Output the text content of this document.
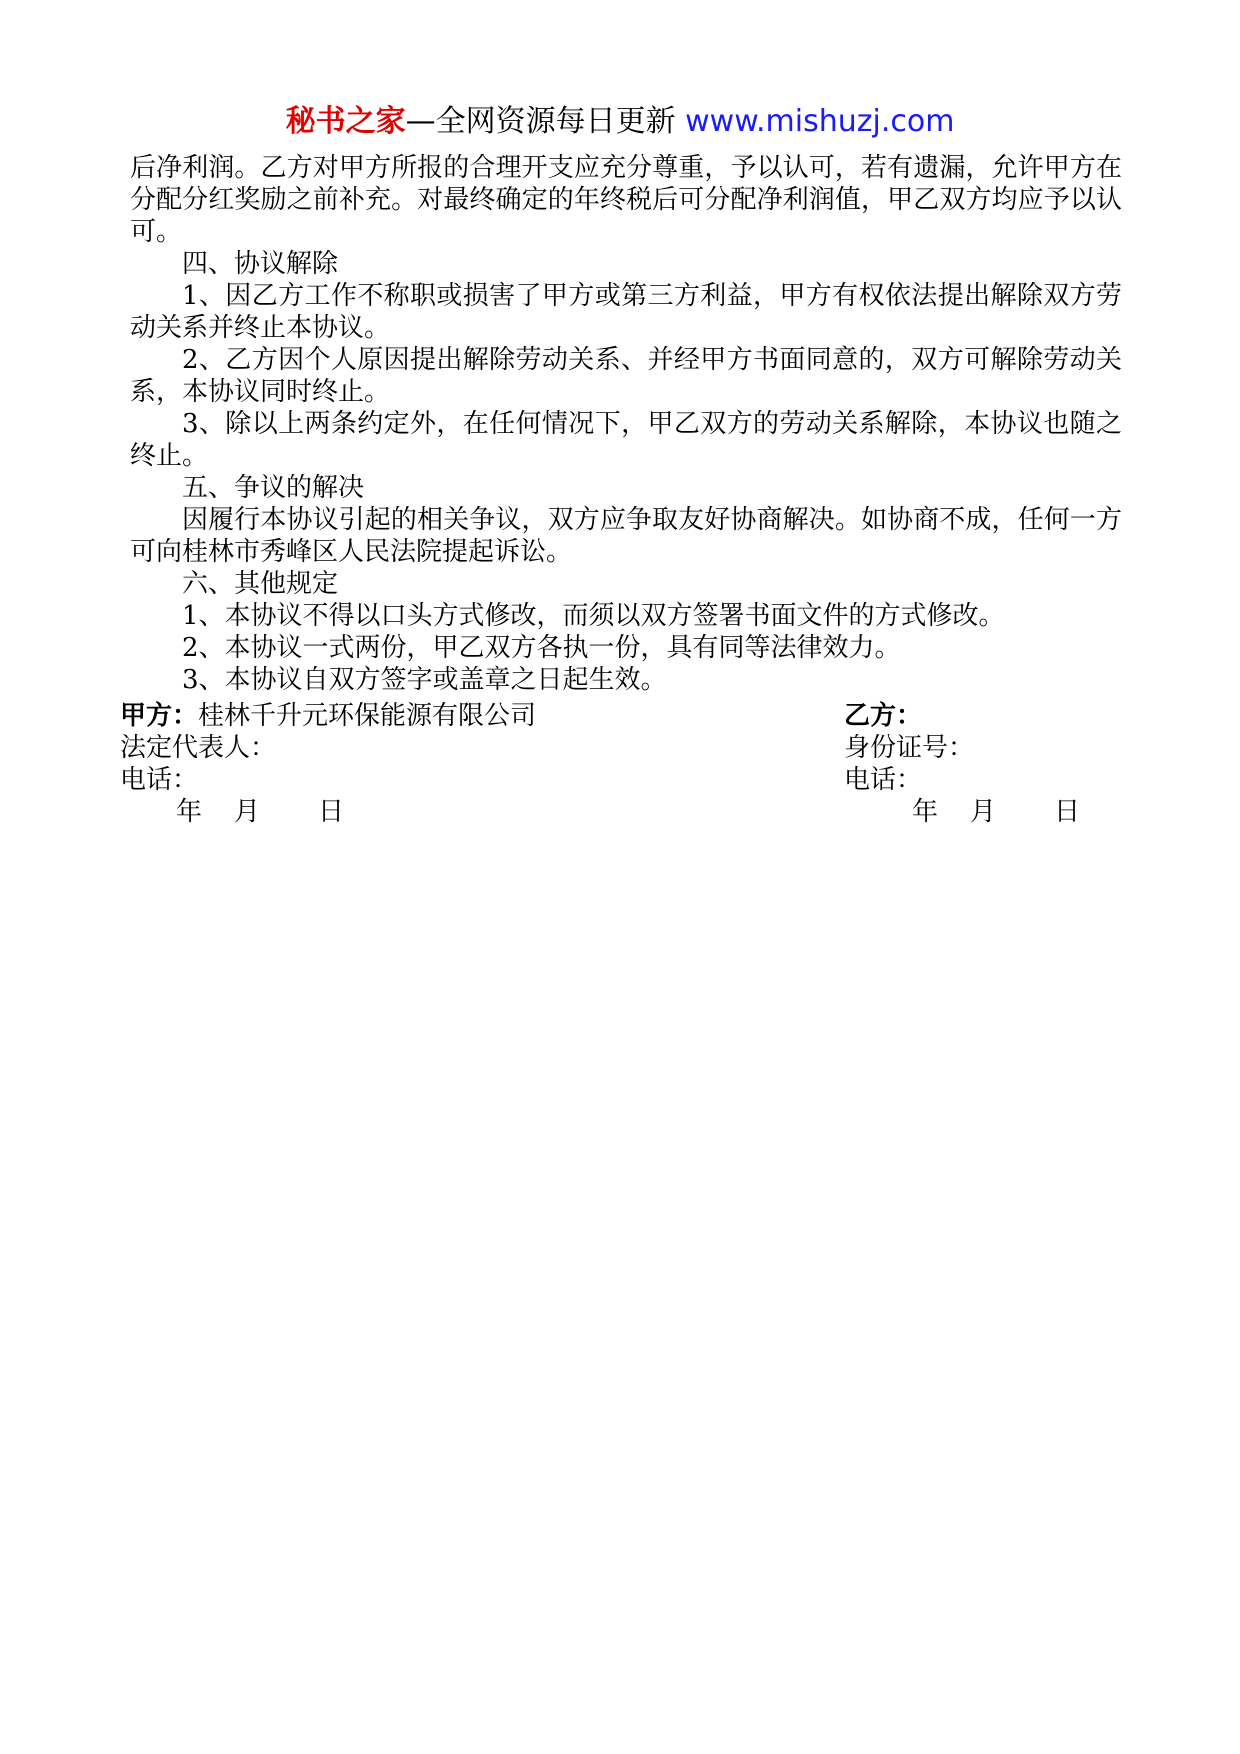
秘书之家—全网资源每日更新 www.mishuzj.com

后净利润。乙方对甲方所报的合理开支应充分尊重，予以认可，若有遗漏，允许甲方在分配分红奖励之前补充。对最终确定的年终税后可分配净利润值，甲乙双方均应予以认可。

四、协议解除

1、因乙方工作不称职或损害了甲方或第三方利益，甲方有权依法提出解除双方劳动关系并终止本协议。

2、乙方因个人原因提出解除劳动关系、并经甲方书面同意的，双方可解除劳动关系，本协议同时终止。

3、除以上两条约定外，在任何情况下，甲乙双方的劳动关系解除，本协议也随之终止。

五、争议的解决

因履行本协议引起的相关争议，双方应争取友好协商解决。如协商不成，任何一方可向桂林市秀峰区人民法院提起诉讼。

六、其他规定

1、本协议不得以口头方式修改，而须以双方签署书面文件的方式修改。

2、本协议一式两份，甲乙双方各执一份，具有同等法律效力。

3、本协议自双方签字或盖章之日起生效。

甲方：桂林千升元环保能源有限公司
法定代表人：
电话：
乙方：
身份证号：
电话：
年 月 日	年 月 日
